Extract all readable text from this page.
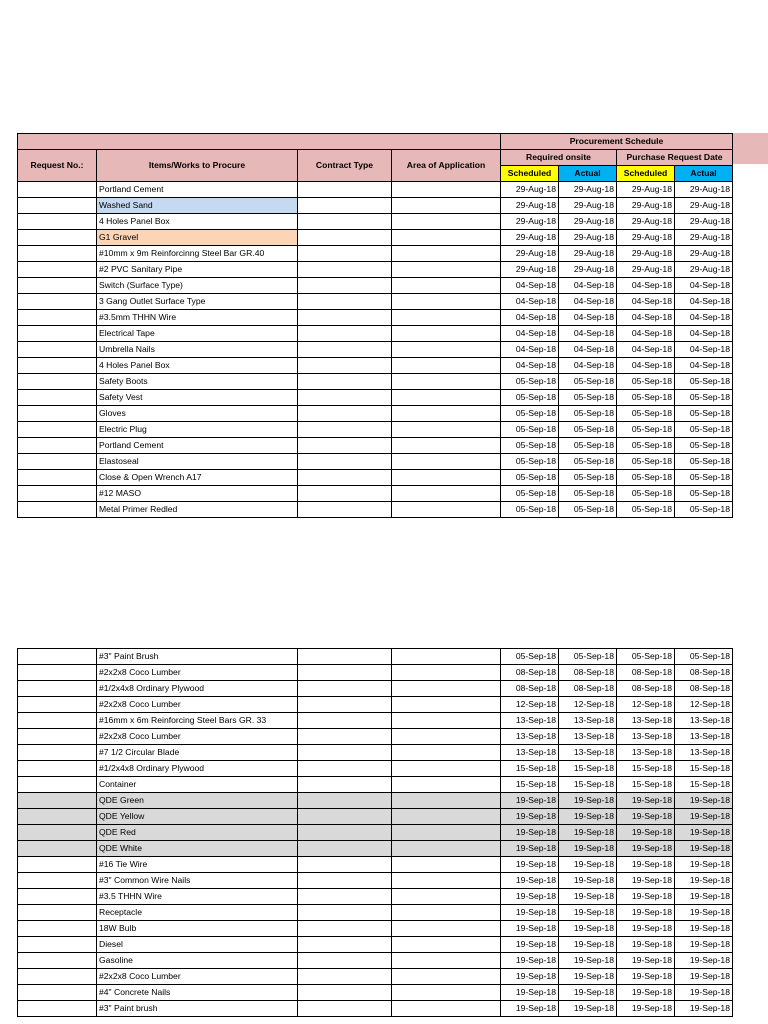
				Procurement Schedule			
Request No.:	Items/Works to Procure	Contract Type	Area of Application	Required onsite		Purchase Request Date	
				Scheduled	Actual	Scheduled	Actual
	Portland Cement			29-Aug-18	29-Aug-18	29-Aug-18	29-Aug-18
	Washed Sand			29-Aug-18	29-Aug-18	29-Aug-18	29-Aug-18
	4 Holes Panel Box			29-Aug-18	29-Aug-18	29-Aug-18	29-Aug-18
	G1 Gravel			29-Aug-18	29-Aug-18	29-Aug-18	29-Aug-18
	#10mm x 9m Reinforcinng Steel Bar GR.40			29-Aug-18	29-Aug-18	29-Aug-18	29-Aug-18
	#2 PVC Sanitary Pipe			29-Aug-18	29-Aug-18	29-Aug-18	29-Aug-18
	Switch (Surface Type)			04-Sep-18	04-Sep-18	04-Sep-18	04-Sep-18
	3 Gang Outlet Surface Type			04-Sep-18	04-Sep-18	04-Sep-18	04-Sep-18
	#3.5mm THHN Wire			04-Sep-18	04-Sep-18	04-Sep-18	04-Sep-18
	Electrical Tape			04-Sep-18	04-Sep-18	04-Sep-18	04-Sep-18
	Umbrella Nails			04-Sep-18	04-Sep-18	04-Sep-18	04-Sep-18
	4 Holes Panel Box			04-Sep-18	04-Sep-18	04-Sep-18	04-Sep-18
	Safety Boots			05-Sep-18	05-Sep-18	05-Sep-18	05-Sep-18
	Safety Vest			05-Sep-18	05-Sep-18	05-Sep-18	05-Sep-18
	Gloves			05-Sep-18	05-Sep-18	05-Sep-18	05-Sep-18
	Electric Plug			05-Sep-18	05-Sep-18	05-Sep-18	05-Sep-18
	Portland Cement			05-Sep-18	05-Sep-18	05-Sep-18	05-Sep-18
	Elastoseal			05-Sep-18	05-Sep-18	05-Sep-18	05-Sep-18
	Close & Open Wrench A17			05-Sep-18	05-Sep-18	05-Sep-18	05-Sep-18
	#12 MASO			05-Sep-18	05-Sep-18	05-Sep-18	05-Sep-18
	Metal Primer Redled			05-Sep-18	05-Sep-18	05-Sep-18	05-Sep-18
	#3" Paint Brush			05-Sep-18	05-Sep-18	05-Sep-18	05-Sep-18
	#2x2x8 Coco Lumber			08-Sep-18	08-Sep-18	08-Sep-18	08-Sep-18
	#1/2x4x8 Ordinary Plywood			08-Sep-18	08-Sep-18	08-Sep-18	08-Sep-18
	#2x2x8 Coco Lumber			12-Sep-18	12-Sep-18	12-Sep-18	12-Sep-18
	#16mm x 6m Reinforcing Steel Bars GR. 33			13-Sep-18	13-Sep-18	13-Sep-18	13-Sep-18
	#2x2x8 Coco Lumber			13-Sep-18	13-Sep-18	13-Sep-18	13-Sep-18
	#7 1/2 Circular Blade			13-Sep-18	13-Sep-18	13-Sep-18	13-Sep-18
	#1/2x4x8 Ordinary Plywood			15-Sep-18	15-Sep-18	15-Sep-18	15-Sep-18
	Container			15-Sep-18	15-Sep-18	15-Sep-18	15-Sep-18
	QDE Green			19-Sep-18	19-Sep-18	19-Sep-18	19-Sep-18
	QDE Yellow			19-Sep-18	19-Sep-18	19-Sep-18	19-Sep-18
	QDE Red			19-Sep-18	19-Sep-18	19-Sep-18	19-Sep-18
	QDE White			19-Sep-18	19-Sep-18	19-Sep-18	19-Sep-18
	#16 Tie Wire			19-Sep-18	19-Sep-18	19-Sep-18	19-Sep-18
	#3" Common Wire Nails			19-Sep-18	19-Sep-18	19-Sep-18	19-Sep-18
	#3.5 THHN Wire			19-Sep-18	19-Sep-18	19-Sep-18	19-Sep-18
	Receptacle			19-Sep-18	19-Sep-18	19-Sep-18	19-Sep-18
	18W Bulb			19-Sep-18	19-Sep-18	19-Sep-18	19-Sep-18
	Diesel			19-Sep-18	19-Sep-18	19-Sep-18	19-Sep-18
	Gasoline			19-Sep-18	19-Sep-18	19-Sep-18	19-Sep-18
	#2x2x8 Coco Lumber			19-Sep-18	19-Sep-18	19-Sep-18	19-Sep-18
	#4" Concrete Nails			19-Sep-18	19-Sep-18	19-Sep-18	19-Sep-18
	#3" Paint brush			19-Sep-18	19-Sep-18	19-Sep-18	19-Sep-18
